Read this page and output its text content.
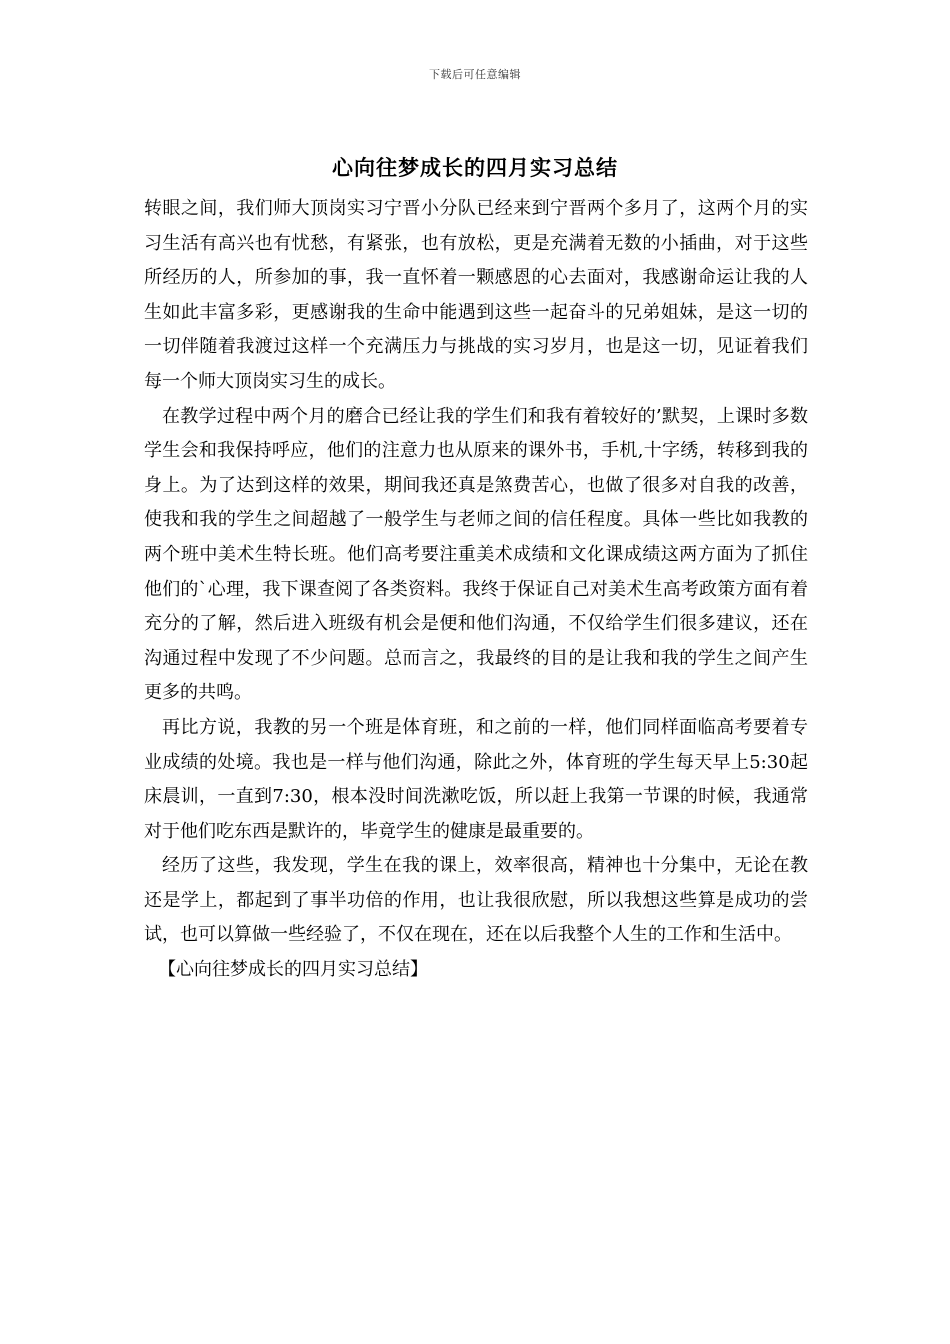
下载后可任意编辑
心向往梦成长的四月实习总结

转眼之间，我们师大顶岗实习宁晋小分队已经来到宁晋两个多月了，这两个月的实习生活有高兴也有忧愁，有紧张，也有放松，更是充满着无数的小插曲，对于这些所经历的人，所参加的事，我一直怀着一颗感恩的心去面对，我感谢命运让我的人生如此丰富多彩，更感谢我的生命中能遇到这些一起奋斗的兄弟姐妹，是这一切的一切伴随着我渡过这样一个充满压力与挑战的实习岁月，也是这一切，见证着我们每一个师大顶岗实习生的成长。

在教学过程中两个月的磨合已经让我的学生们和我有着较好的’默契，上课时多数学生会和我保持呼应，他们的注意力也从原来的课外书，手机,十字绣，转移到我的身上。为了达到这样的效果，期间我还真是煞费苦心，也做了很多对自我的改善，使我和我的学生之间超越了一般学生与老师之间的信任程度。具体一些比如我教的两个班中美术生特长班。他们高考要注重美术成绩和文化课成绩这两方面为了抓住他们的`心理，我下课查阅了各类资料。我终于保证自己对美术生高考政策方面有着充分的了解，然后进入班级有机会是便和他们沟通，不仅给学生们很多建议，还在沟通过程中发现了不少问题。总而言之，我最终的目的是让我和我的学生之间产生更多的共鸣。

再比方说，我教的另一个班是体育班，和之前的一样，他们同样面临高考要着专业成绩的处境。我也是一样与他们沟通，除此之外，体育班的学生每天早上5:30起床晨训，一直到7:30，根本没时间洗漱吃饭，所以赶上我第一节课的时候，我通常对于他们吃东西是默许的，毕竟学生的健康是最重要的。

经历了这些，我发现，学生在我的课上，效率很高，精神也十分集中，无论在教还是学上，都起到了事半功倍的作用，也让我很欣慰，所以我想这些算是成功的尝试，也可以算做一些经验了，不仅在现在，还在以后我整个人生的工作和生活中。

【心向往梦成长的四月实习总结】
